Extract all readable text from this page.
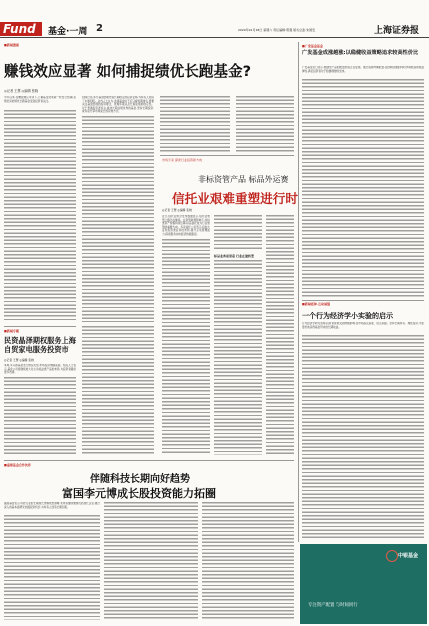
Fund 基金·一周 2	2020年01月18日 星期六 责任编辑:陈强 版式总监:朱国安	上海证券报
■新闻透视
赚钱效应显著 如何捕捉绩优长跑基金?
◎记者 王慧 ◎编辑 张晓
今年以来,在赚钱效应带动下,公募基金迎来新一轮发行热潮,业绩优异的绩优长跑基金受到投资者关注。
回顾过往,部分基金经理凭借长期稳定的投资业绩,为持有人创造了丰厚回报。业内人士认为,选择基金时不应只看短期排名,更要关注基金经理的投资理念、管理年限以及长期业绩的稳定性。对于普通投资者而言,挑选长期业绩优秀的基金,坚持长期投资,或许是分享市场成长的有效方式。
■新闻专题
民资晶泽期权服务上海自贸家电服务投资市
◎记者 王慧 ◎编辑 张晓
本周,多只新基金发行情况火热,市场投资情绪高涨。相关人士表示,基金公司将继续加大对主动权益类产品的布局,为投资者提供更多选择。
市场专家 探索行业投资新方向
非标资管产品 标品外运赛
信托业艰难重塑进行时
◎记者 王慧 ◎编辑 张晓
近日,信托业协会发布数据显示,信托业转型之路仍在继续。在资管新规影响下,非标类资产规模持续压降,标品信托成为行业转型的重要方向。多家信托公司表示,将加大证券投资类业务的布局,提升主动管理能力,探索服务实体经济的新路径。
标品业务前景看 行业在途转型
■广发基金基金
广发基金成涨越涨:以稳健收益策略追求较高性价比
广发基金近日表示,稳健型产品的配置价值正在显现。通过股债均衡配置,在控制回撤的同时争取较高的收益弹性,满足投资者对于稳健理财的需求。
■新闻延伸·互动展望
一个行为经济学小实验的启示
行为经济学研究表明,投资者常常受到情绪影响,在市场高点追涨、低点杀跌。坚持长期持有、理性投资,才能更好地获得基金带来的长期收益。
■重要基金合作伙伴
伴随科技长期向好趋势
富国李元博成长股投资能力拓圈
富国基金表示,科技行业的长期成长逻辑依然清晰,未来将继续聚焦优质成长企业,通过深入的基本面研究挖掘投资机会,为持有人创造长期回报。
中银基金
专注资产配置 与时间同行
